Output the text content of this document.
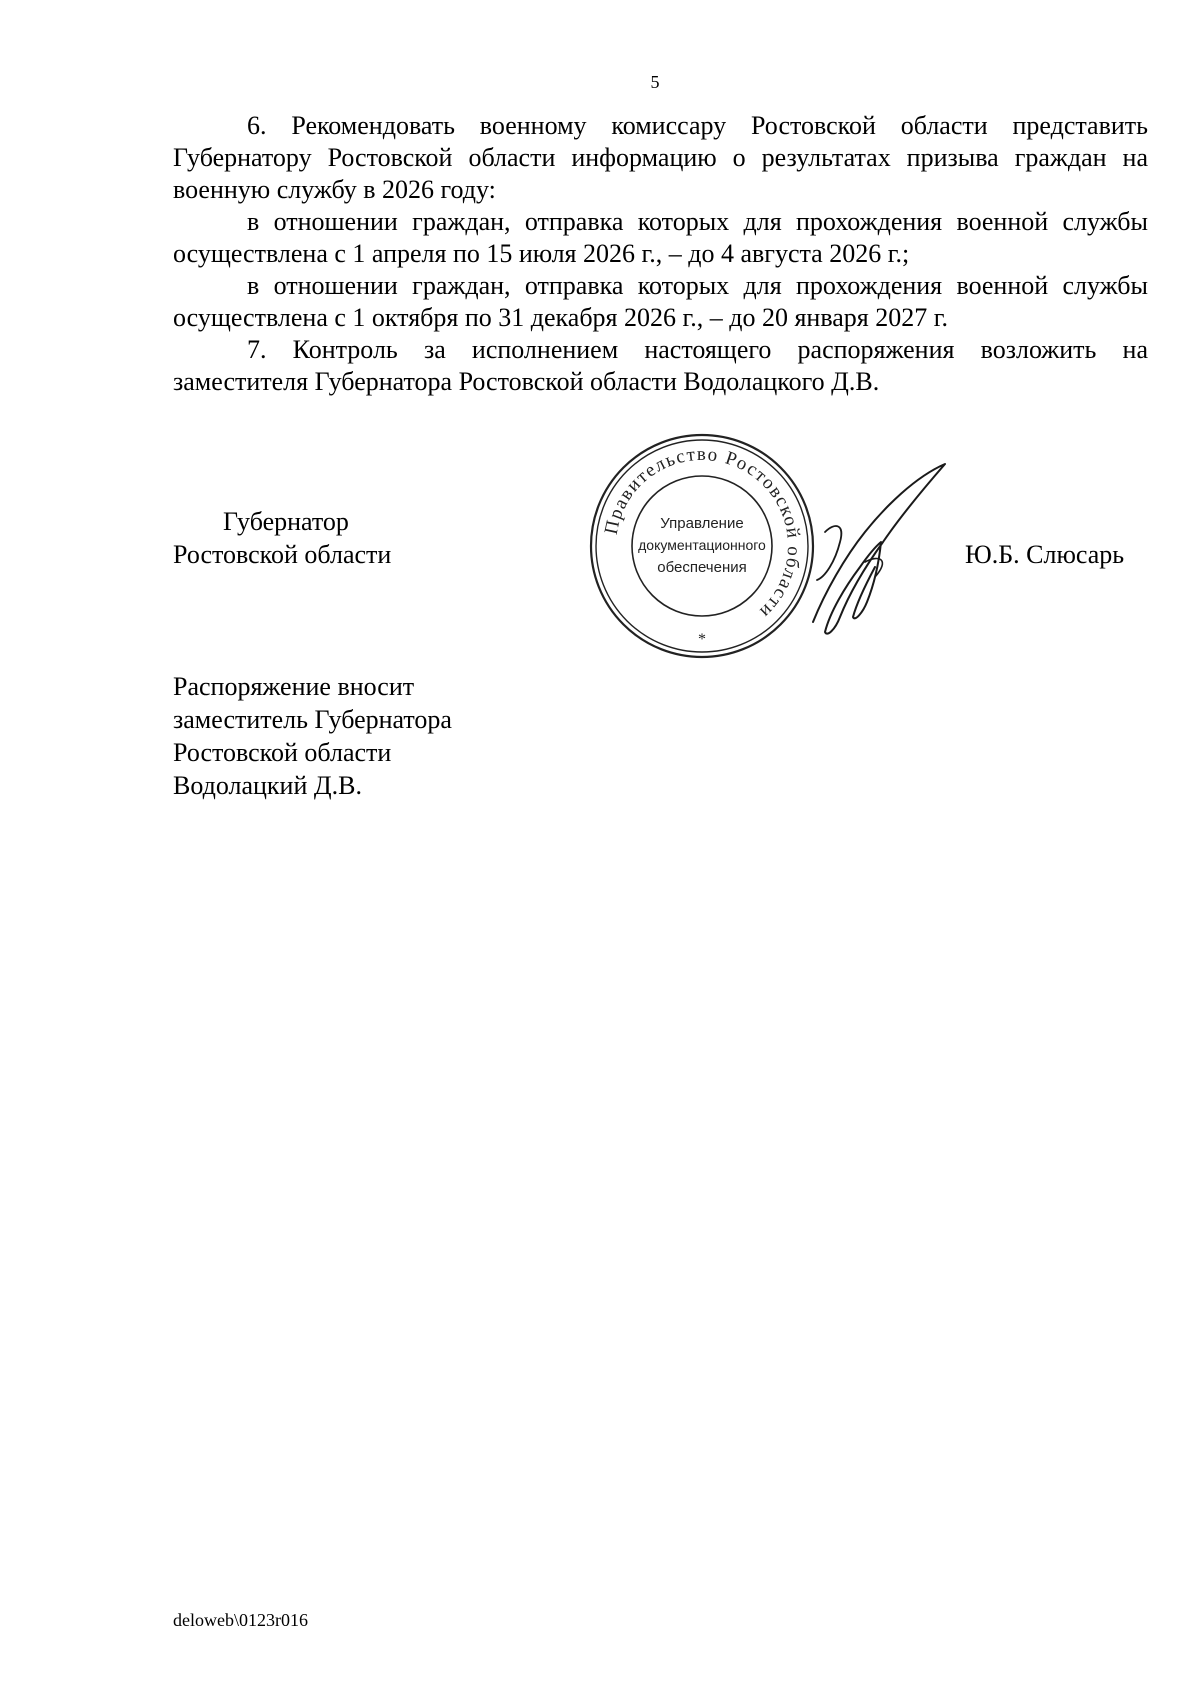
5

6. Рекомендовать военному комиссару Ростовской области представить Губернатору Ростовской области информацию о результатах призыва граждан на военную службу в 2026 году:

в отношении граждан, отправка которых для прохождения военной службы осуществлена с 1 апреля по 15 июля 2026 г., – до 4 августа 2026 г.;

в отношении граждан, отправка которых для прохождения военной службы осуществлена с 1 октября по 31 декабря 2026 г., – до 20 января 2027 г.

7. Контроль за исполнением настоящего распоряжения возложить на заместителя Губернатора Ростовской области Водолацкого Д.В.

Губернатор
Ростовской области
Правительство Ростовской области
Управление
документационного
обеспечения
*
Ю.Б. Слюсарь
Распоряжение вносит
заместитель Губернатора
Ростовской области
Водолацкий Д.В.
deloweb\0123r016
